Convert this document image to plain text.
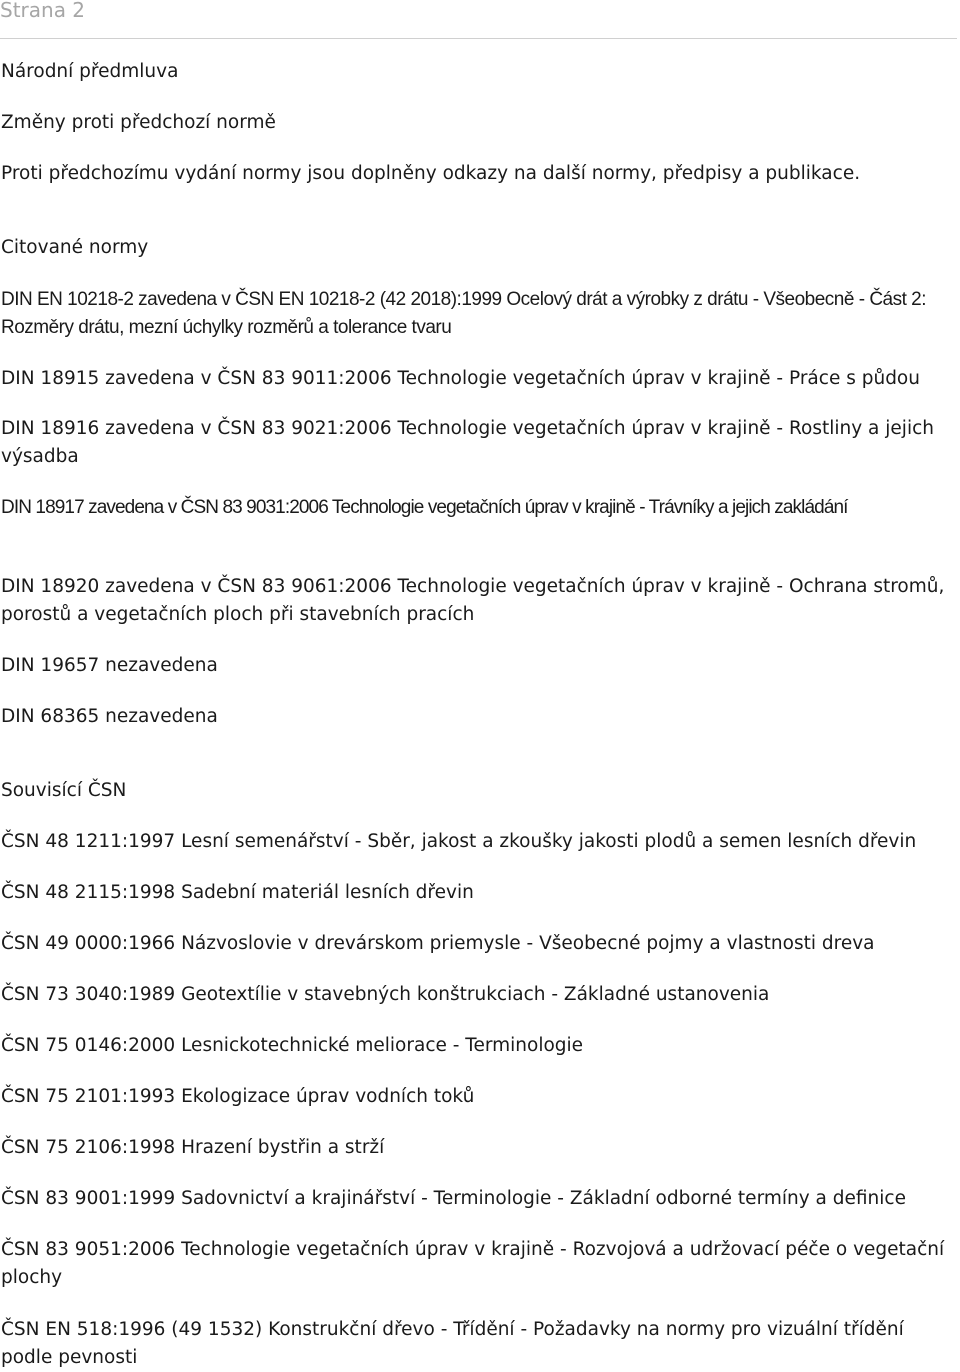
Strana 2
Národní předmluva
Změny proti předchozí normě
Proti předchozímu vydání normy jsou doplněny odkazy na další normy, předpisy a publikace.
Citované normy
DIN EN 10218-2 zavedena v ČSN EN 10218-2 (42 2018):1999 Ocelový drát a výrobky z drátu - Všeobecně - Část 2: Rozměry drátu, mezní úchylky rozměrů a tolerance tvaru
DIN 18915 zavedena v ČSN 83 9011:2006 Technologie vegetačních úprav v krajině - Práce s půdou
DIN 18916 zavedena v ČSN 83 9021:2006 Technologie vegetačních úprav v krajině - Rostliny a jejich výsadba
DIN 18917 zavedena v ČSN 83 9031:2006 Technologie vegetačních úprav v krajině - Trávníky a jejich zakládání
DIN 18920 zavedena v ČSN 83 9061:2006 Technologie vegetačních úprav v krajině - Ochrana stromů, porostů a vegetačních ploch při stavebních pracích
DIN 19657 nezavedena
DIN 68365 nezavedena
Souvisící ČSN
ČSN 48 1211:1997 Lesní semenářství - Sběr, jakost a zkoušky jakosti plodů a semen lesních dřevin
ČSN 48 2115:1998 Sadební materiál lesních dřevin
ČSN 49 0000:1966 Názvoslovie v drevárskom priemysle - Všeobecné pojmy a vlastnosti dreva
ČSN 73 3040:1989 Geotextílie v stavebných konštrukciach - Základné ustanovenia
ČSN 75 0146:2000 Lesnickotechnické meliorace - Terminologie
ČSN 75 2101:1993 Ekologizace úprav vodních toků
ČSN 75 2106:1998 Hrazení bystřin a strží
ČSN 83 9001:1999 Sadovnictví a krajinářství - Terminologie - Základní odborné termíny a definice
ČSN 83 9051:2006 Technologie vegetačních úprav v krajině - Rozvojová a udržovací péče o vegetační plochy
ČSN EN 518:1996 (49 1532) Konstrukční dřevo - Třídění - Požadavky na normy pro vizuální třídění podle pevnosti
